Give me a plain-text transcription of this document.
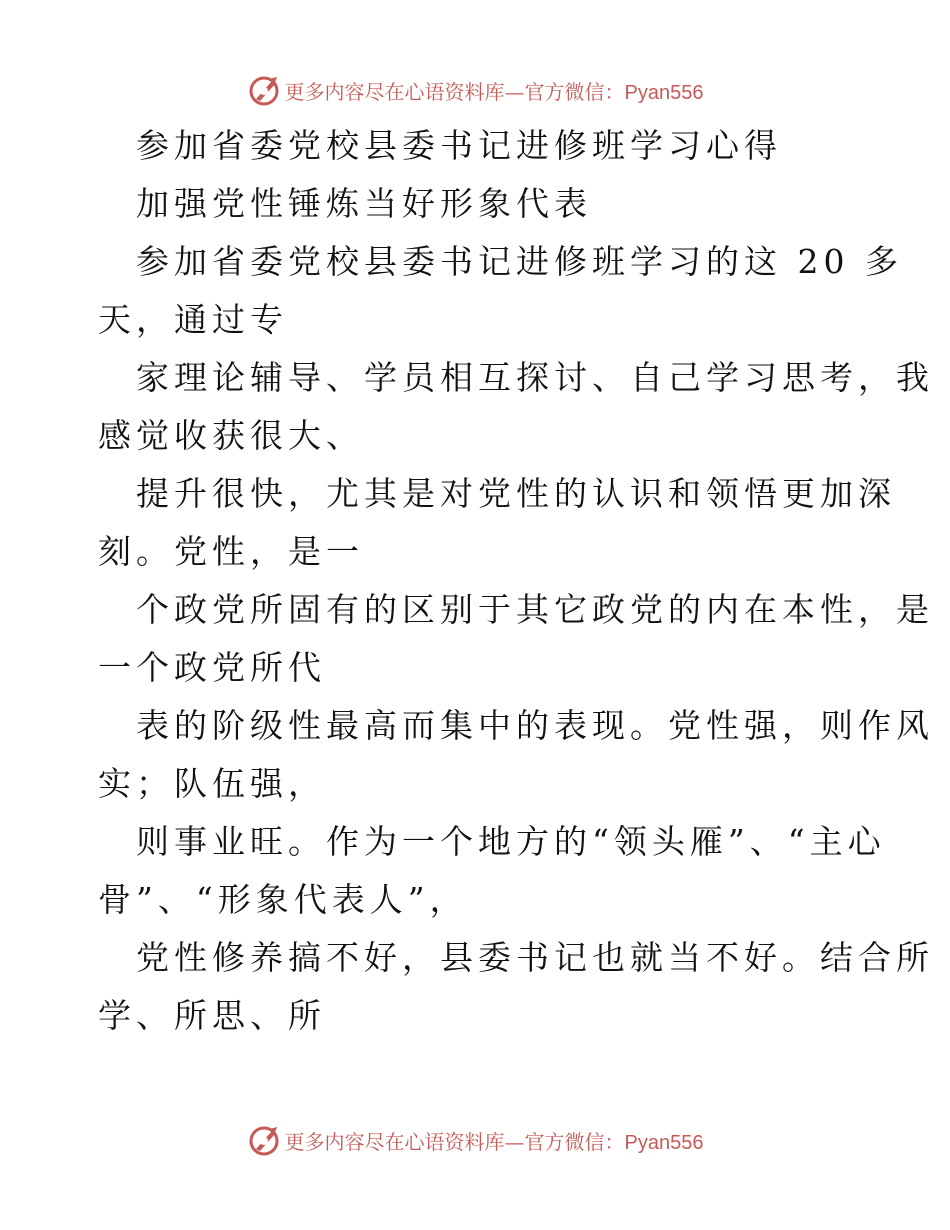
更多内容尽在心语资料库—官方微信：Pyan556
参加省委党校县委书记进修班学习心得
加强党性锤炼当好形象代表
参加省委党校县委书记进修班学习的这 20 多
天，通过专
家理论辅导、学员相互探讨、自己学习思考，我
感觉收获很大、
提升很快，尤其是对党性的认识和领悟更加深
刻。党性，是一
个政党所固有的区别于其它政党的内在本性，是
一个政党所代
表的阶级性最高而集中的表现。党性强，则作风
实；队伍强，
则事业旺。作为一个地方的“领头雁”、“主心
骨”、“形象代表人”，
党性修养搞不好，县委书记也就当不好。结合所
学、所思、所
更多内容尽在心语资料库—官方微信：Pyan556
